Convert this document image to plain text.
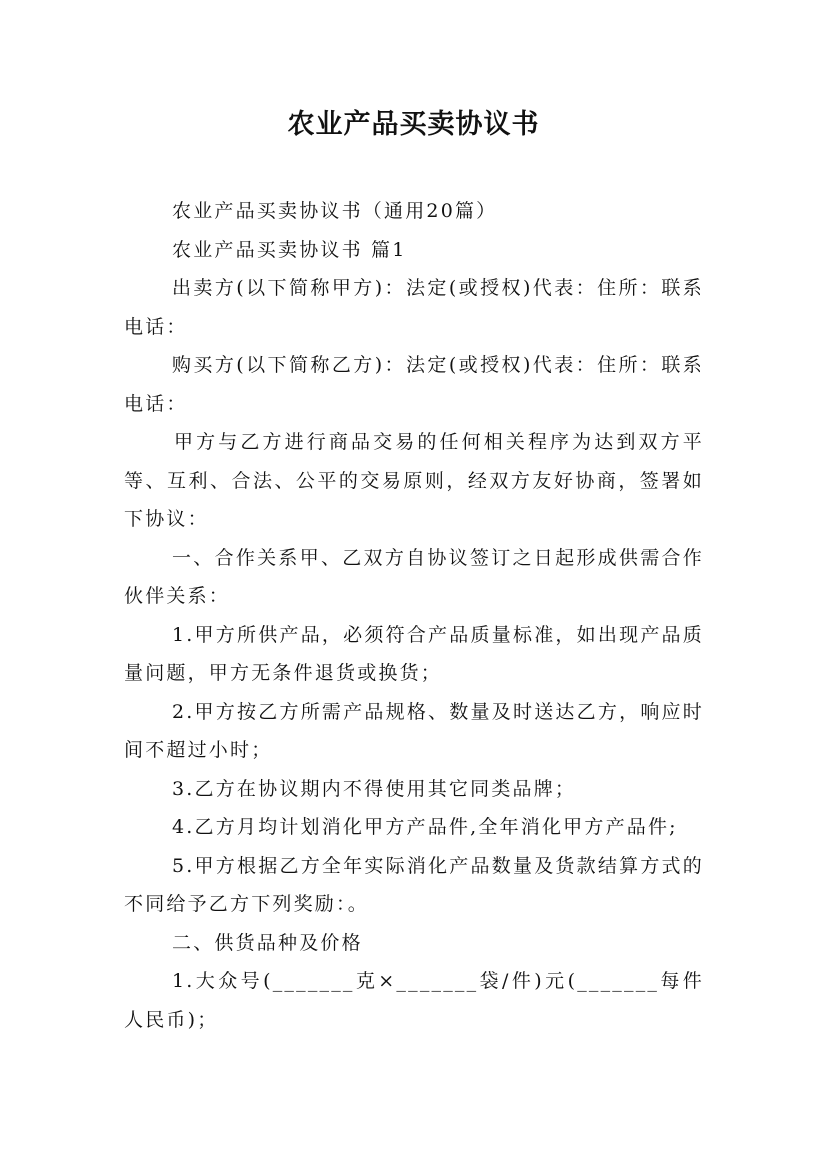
农业产品买卖协议书

农业产品买卖协议书（通用20篇）

农业产品买卖协议书 篇1

出卖方(以下简称甲方)：法定(或授权)代表：住所：联系电话：

购买方(以下简称乙方)：法定(或授权)代表：住所：联系电话：

甲方与乙方进行商品交易的任何相关程序为达到双方平等、互利、合法、公平的交易原则，经双方友好协商，签署如下协议：

一、合作关系甲、乙双方自协议签订之日起形成供需合作伙伴关系：

1.甲方所供产品，必须符合产品质量标准，如出现产品质量问题，甲方无条件退货或换货；

2.甲方按乙方所需产品规格、数量及时送达乙方，响应时间不超过小时；

3.乙方在协议期内不得使用其它同类品牌；

4.乙方月均计划消化甲方产品件,全年消化甲方产品件;

5.甲方根据乙方全年实际消化产品数量及货款结算方式的不同给予乙方下列奖励：。

二、供货品种及价格

1.大众号(_______克×_______袋/件)元(_______每件人民币)；
